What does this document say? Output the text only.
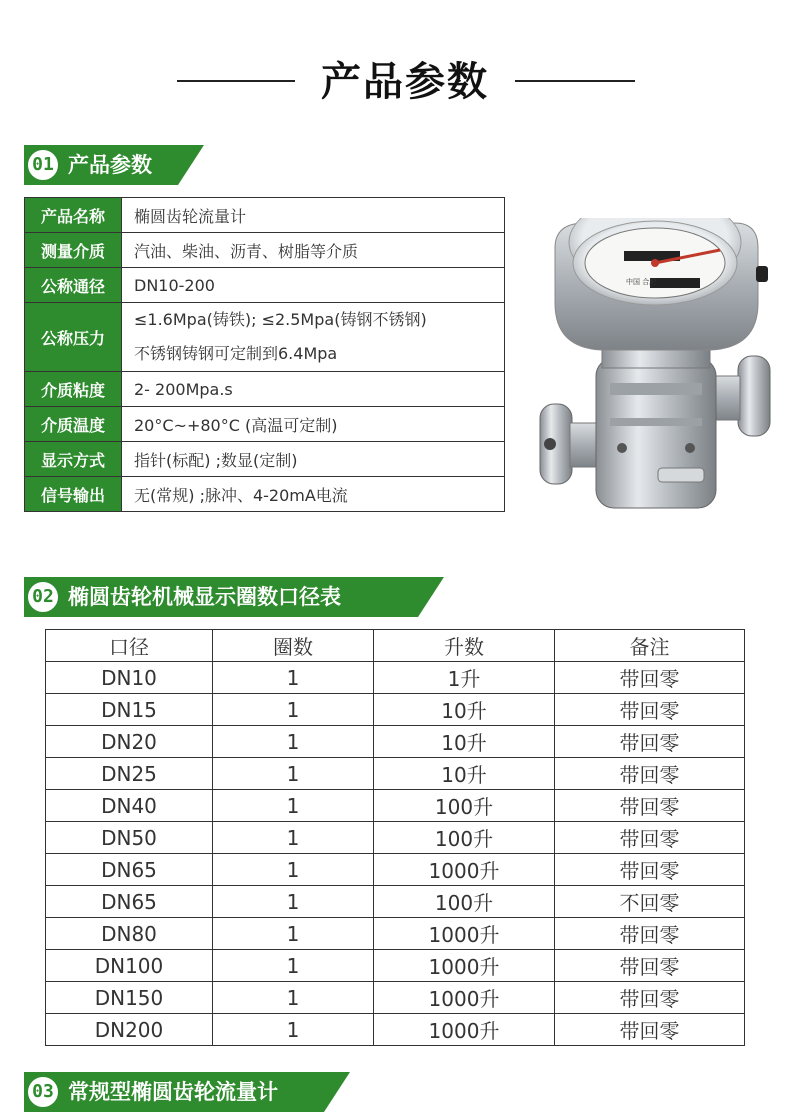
产品参数
01 产品参数
产品名称	椭圆齿轮流量计
测量介质	汽油、柴油、沥青、树脂等介质
公称通径	DN10-200
公称压力	≤1.6Mpa(铸铁); ≤2.5Mpa(铸钢不锈钢)
不锈钢铸钢可定制到6.4Mpa

介质粘度	2- 200Mpa.s
介质温度	20°C~+80°C (高温可定制)
显示方式	指针(标配) ;数显(定制)
信号输出	无(常规) ;脉冲、4-20mA电流
中国 合肥
02 椭圆齿轮机械显示圈数口径表
口径	圈数	升数	备注
DN10	1	1升	带回零
DN15	1	10升	带回零
DN20	1	10升	带回零
DN25	1	10升	带回零
DN40	1	100升	带回零
DN50	1	100升	带回零
DN65	1	1000升	带回零
DN65	1	100升	不回零
DN80	1	1000升	带回零
DN100	1	1000升	带回零
DN150	1	1000升	带回零
DN200	1	1000升	带回零
03 常规型椭圆齿轮流量计
